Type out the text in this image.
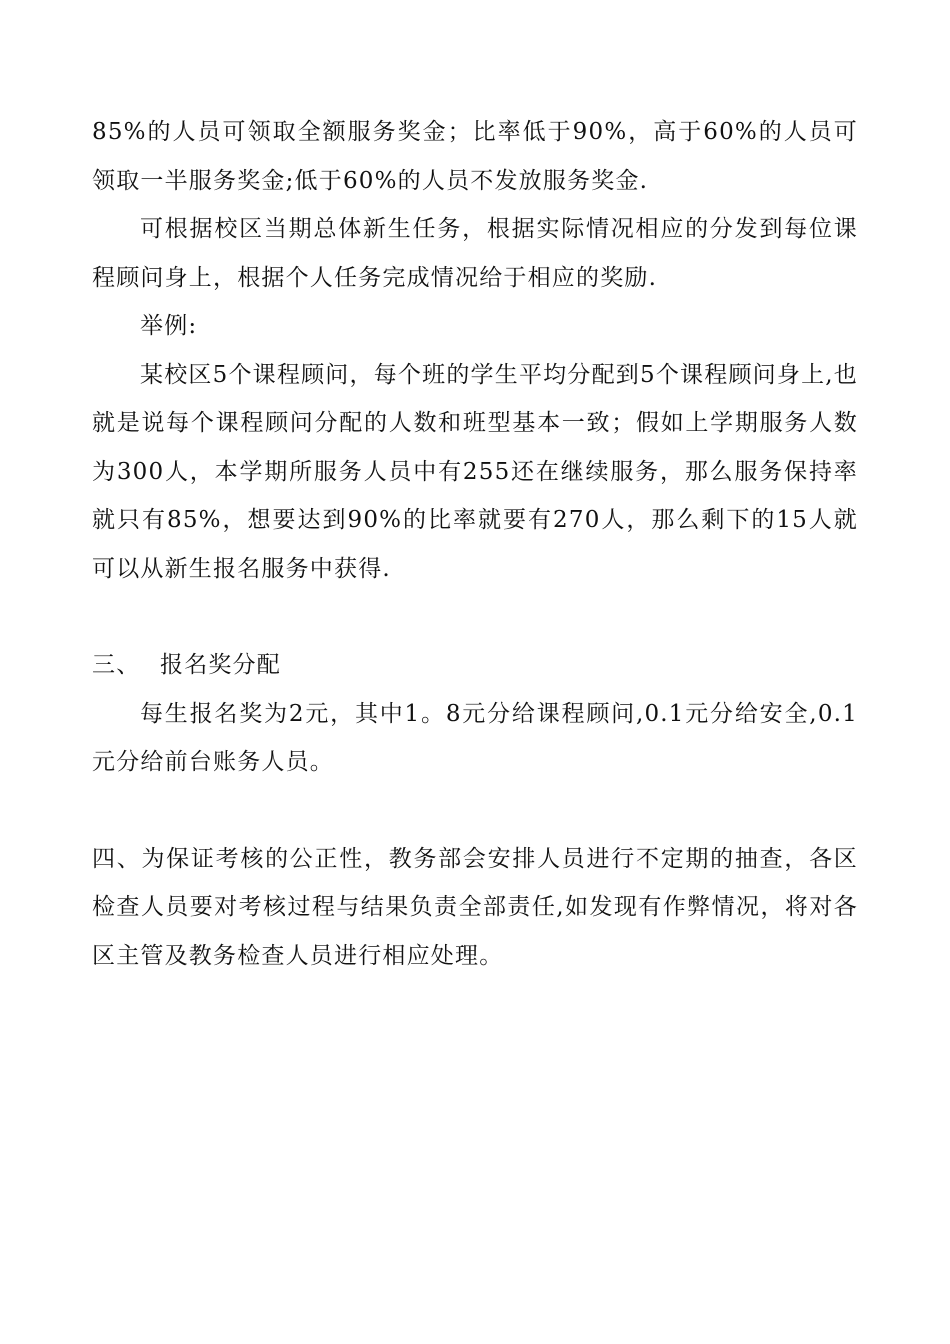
85%的人员可领取全额服务奖金；比率低于90%，高于60%的人员可领取一半服务奖金;低于60%的人员不发放服务奖金.

可根据校区当期总体新生任务，根据实际情况相应的分发到每位课程顾问身上，根据个人任务完成情况给于相应的奖励.

举例:

某校区5个课程顾问，每个班的学生平均分配到5个课程顾问身上,也就是说每个课程顾问分配的人数和班型基本一致；假如上学期服务人数为300人，本学期所服务人员中有255还在继续服务，那么服务保持率就只有85%，想要达到90%的比率就要有270人，那么剩下的15人就可以从新生报名服务中获得.

三、 报名奖分配

每生报名奖为2元，其中1。8元分给课程顾问,0.1元分给安全,0.1元分给前台账务人员。

四、为保证考核的公正性，教务部会安排人员进行不定期的抽查，各区检查人员要对考核过程与结果负责全部责任,如发现有作弊情况，将对各区主管及教务检查人员进行相应处理。
